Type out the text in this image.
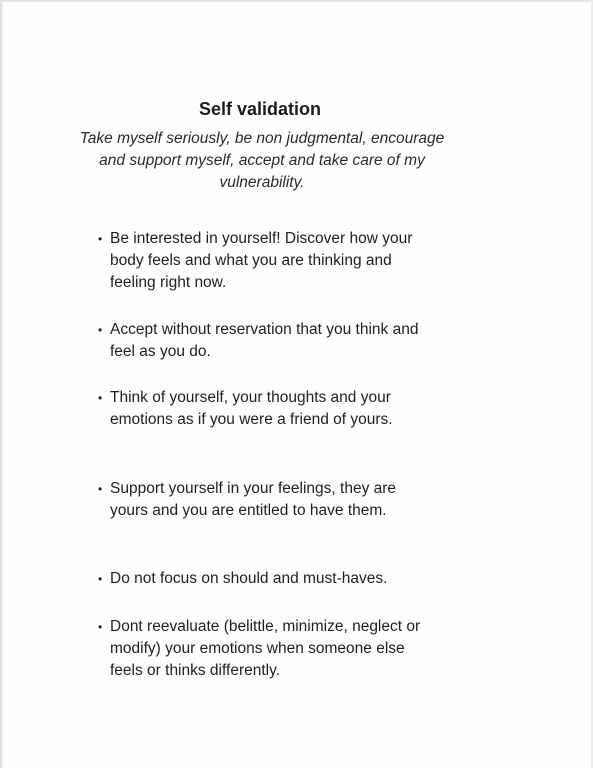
Self validation
Take myself seriously, be non judgmental, encourage and support myself, accept and take care of my vulnerability.
• Be interested in yourself! Discover how your body feels and what you are thinking and feeling right now.
• Accept without reservation that you think and feel as you do.
• Think of yourself, your thoughts and your emotions as if you were a friend of yours.
• Support yourself in your feelings, they are yours and you are entitled to have them.
• Do not focus on should and must-haves.
• Dont reevaluate (belittle, minimize, neglect or modify) your emotions when someone else feels or thinks differently.
